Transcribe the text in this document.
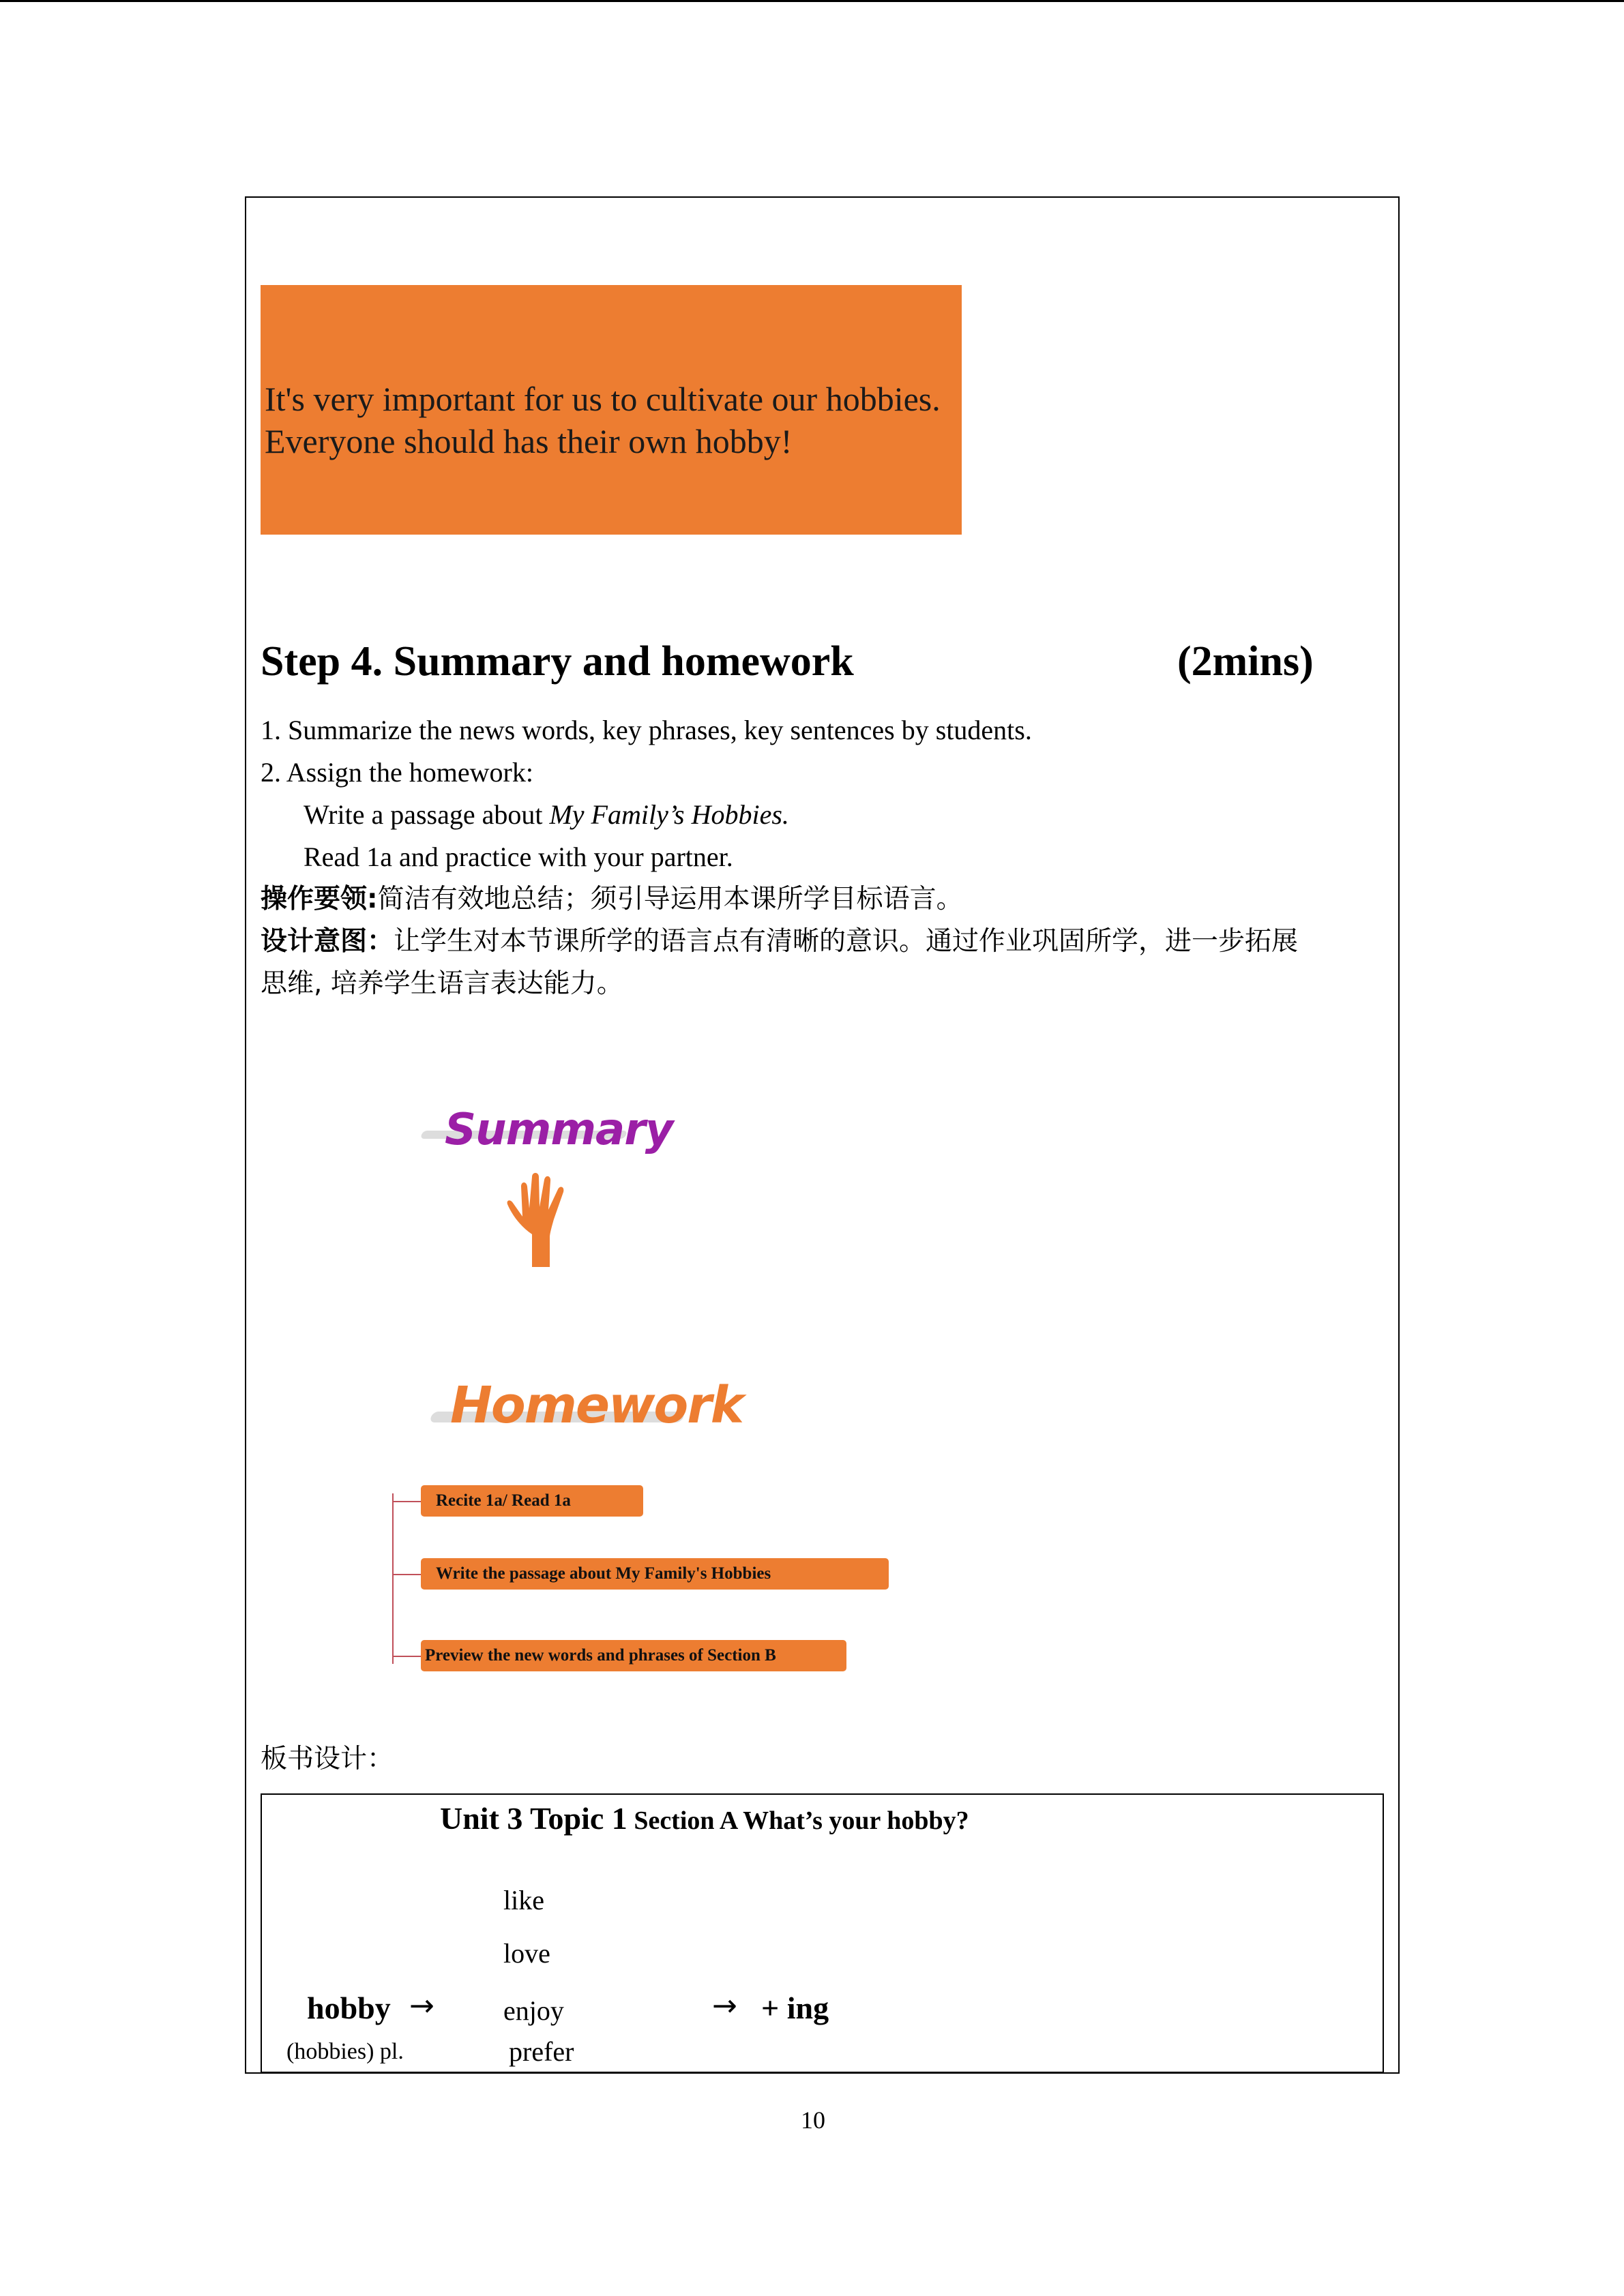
It's very important for us to cultivate our hobbies.
Everyone should has their own hobby!
Step 4. Summary and homework	(2mins)
1. Summarize the news words, key phrases, key sentences by students.
2. Assign the homework:
Write a passage about My Family’s Hobbies.
Read 1a and practice with your partner.
操作要领:简洁有效地总结；须引导运用本课所学目标语言。
设计意图：让学生对本节课所学的语言点有清晰的意识。通过作业巩固所学，进一步拓展
思维, 培养学生语言表达能力。
Summary
Homework
Recite 1a/ Read 1a
Write the passage about My Family's Hobbies
Preview the new words and phrases of Section B
板书设计：
Unit 3 Topic 1 Section A What’s your hobby?
like
love
enjoy
prefer
hobby →
(hobbies) pl.
→ + ing
10
